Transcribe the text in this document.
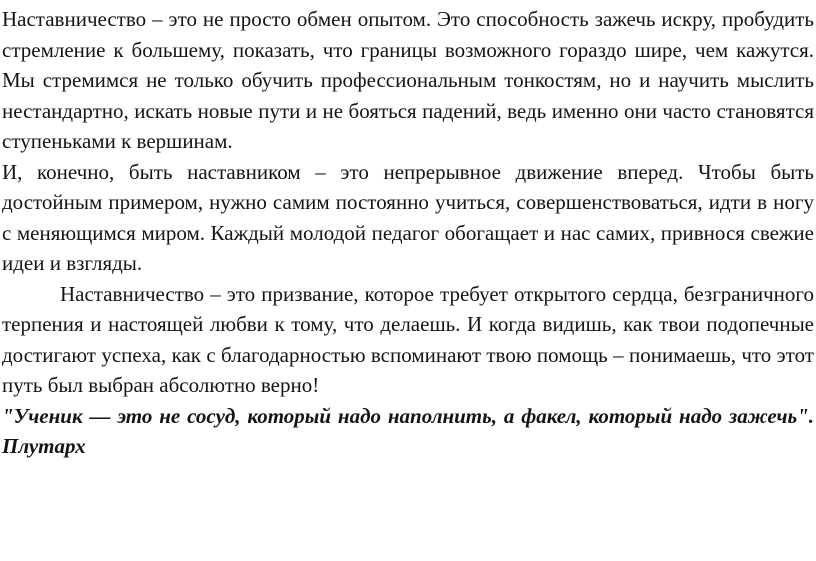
Наставничество – это не просто обмен опытом. Это способность зажечь искру, пробудить стремление к большему, показать, что границы возможного гораздо шире, чем кажутся. Мы стремимся не только обучить профессиональным тонкостям, но и научить мыслить нестандартно, искать новые пути и не бояться падений, ведь именно они часто становятся ступеньками к вершинам.

И, конечно, быть наставником – это непрерывное движение вперед. Чтобы быть достойным примером, нужно самим постоянно учиться, совершенствоваться, идти в ногу с меняющимся миром. Каждый молодой педагог обогащает и нас самих, привнося свежие идеи и взгляды.

Наставничество – это призвание, которое требует открытого сердца, безграничного терпения и настоящей любви к тому, что делаешь. И когда видишь, как твои подопечные достигают успеха, как с благодарностью вспоминают твою помощь – понимаешь, что этот путь был выбран абсолютно верно!

"Ученик — это не сосуд, который надо наполнить, а факел, который надо зажечь". Плутарх
